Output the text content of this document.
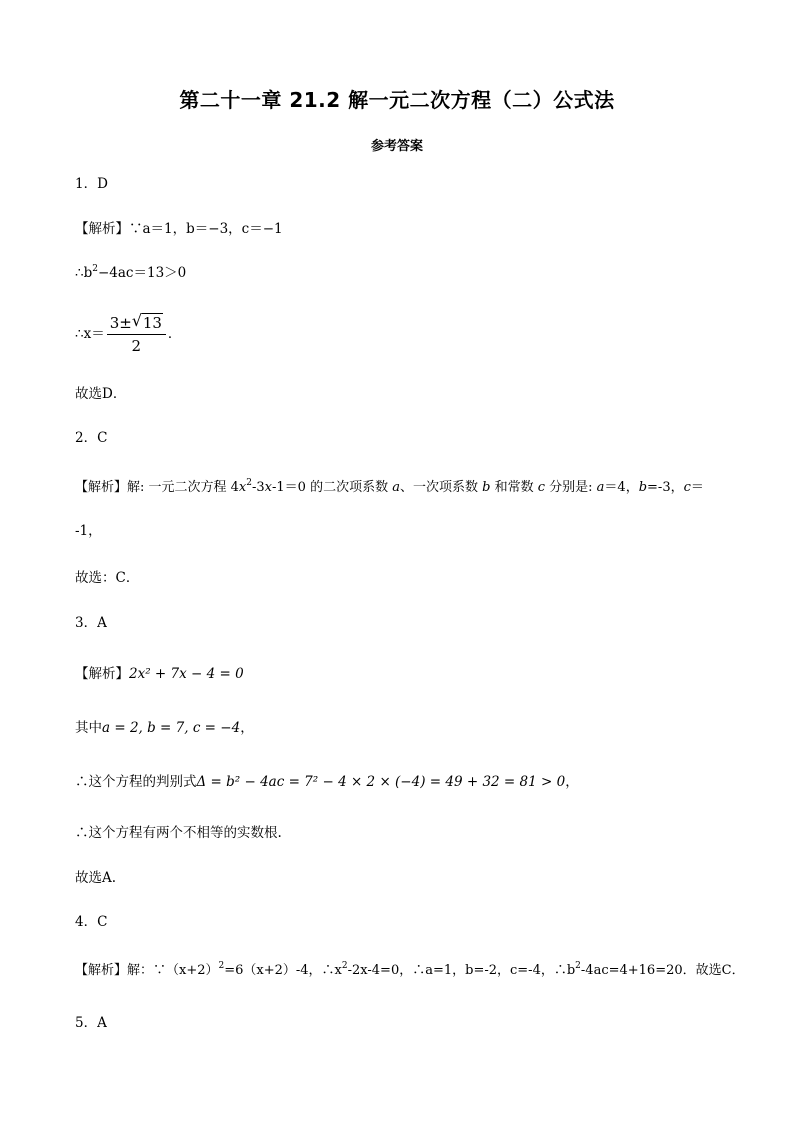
第二十一章 21.2 解一元二次方程（二）公式法
参考答案
1．D
【解析】∵a＝1，b＝−3，c＝−1
$\therefore b^2-4ac=13>0$
∴x＝ $\frac{3\pm √ 13}{2}$ ．
故选D．
2．C
【解析】解: 一元二次方程 $4x^2-3x-1=0$ 的二次项系数 a、一次项系数 b 和常数 c 分别是: a＝4，b=-3，c＝
-1，
故选：C．
3．A
【解析】2x² + 7x − 4 = 0
其中a = 2, b = 7, c = −4，
∴这个方程的判别式Δ = b² − 4ac = 7² − 4 × 2 × (−4) = 49 + 32 = 81 > 0，
∴这个方程有两个不相等的实数根.
故选A.
4．C
【解析】解：$\because(x+2)^2=6(x+2)-4$，$\therefore x^2-2x-4=0$，∴a=1，b=-2，c=-4，$\therefore b^2-4ac=4+16=20$．故选C．
5．A
